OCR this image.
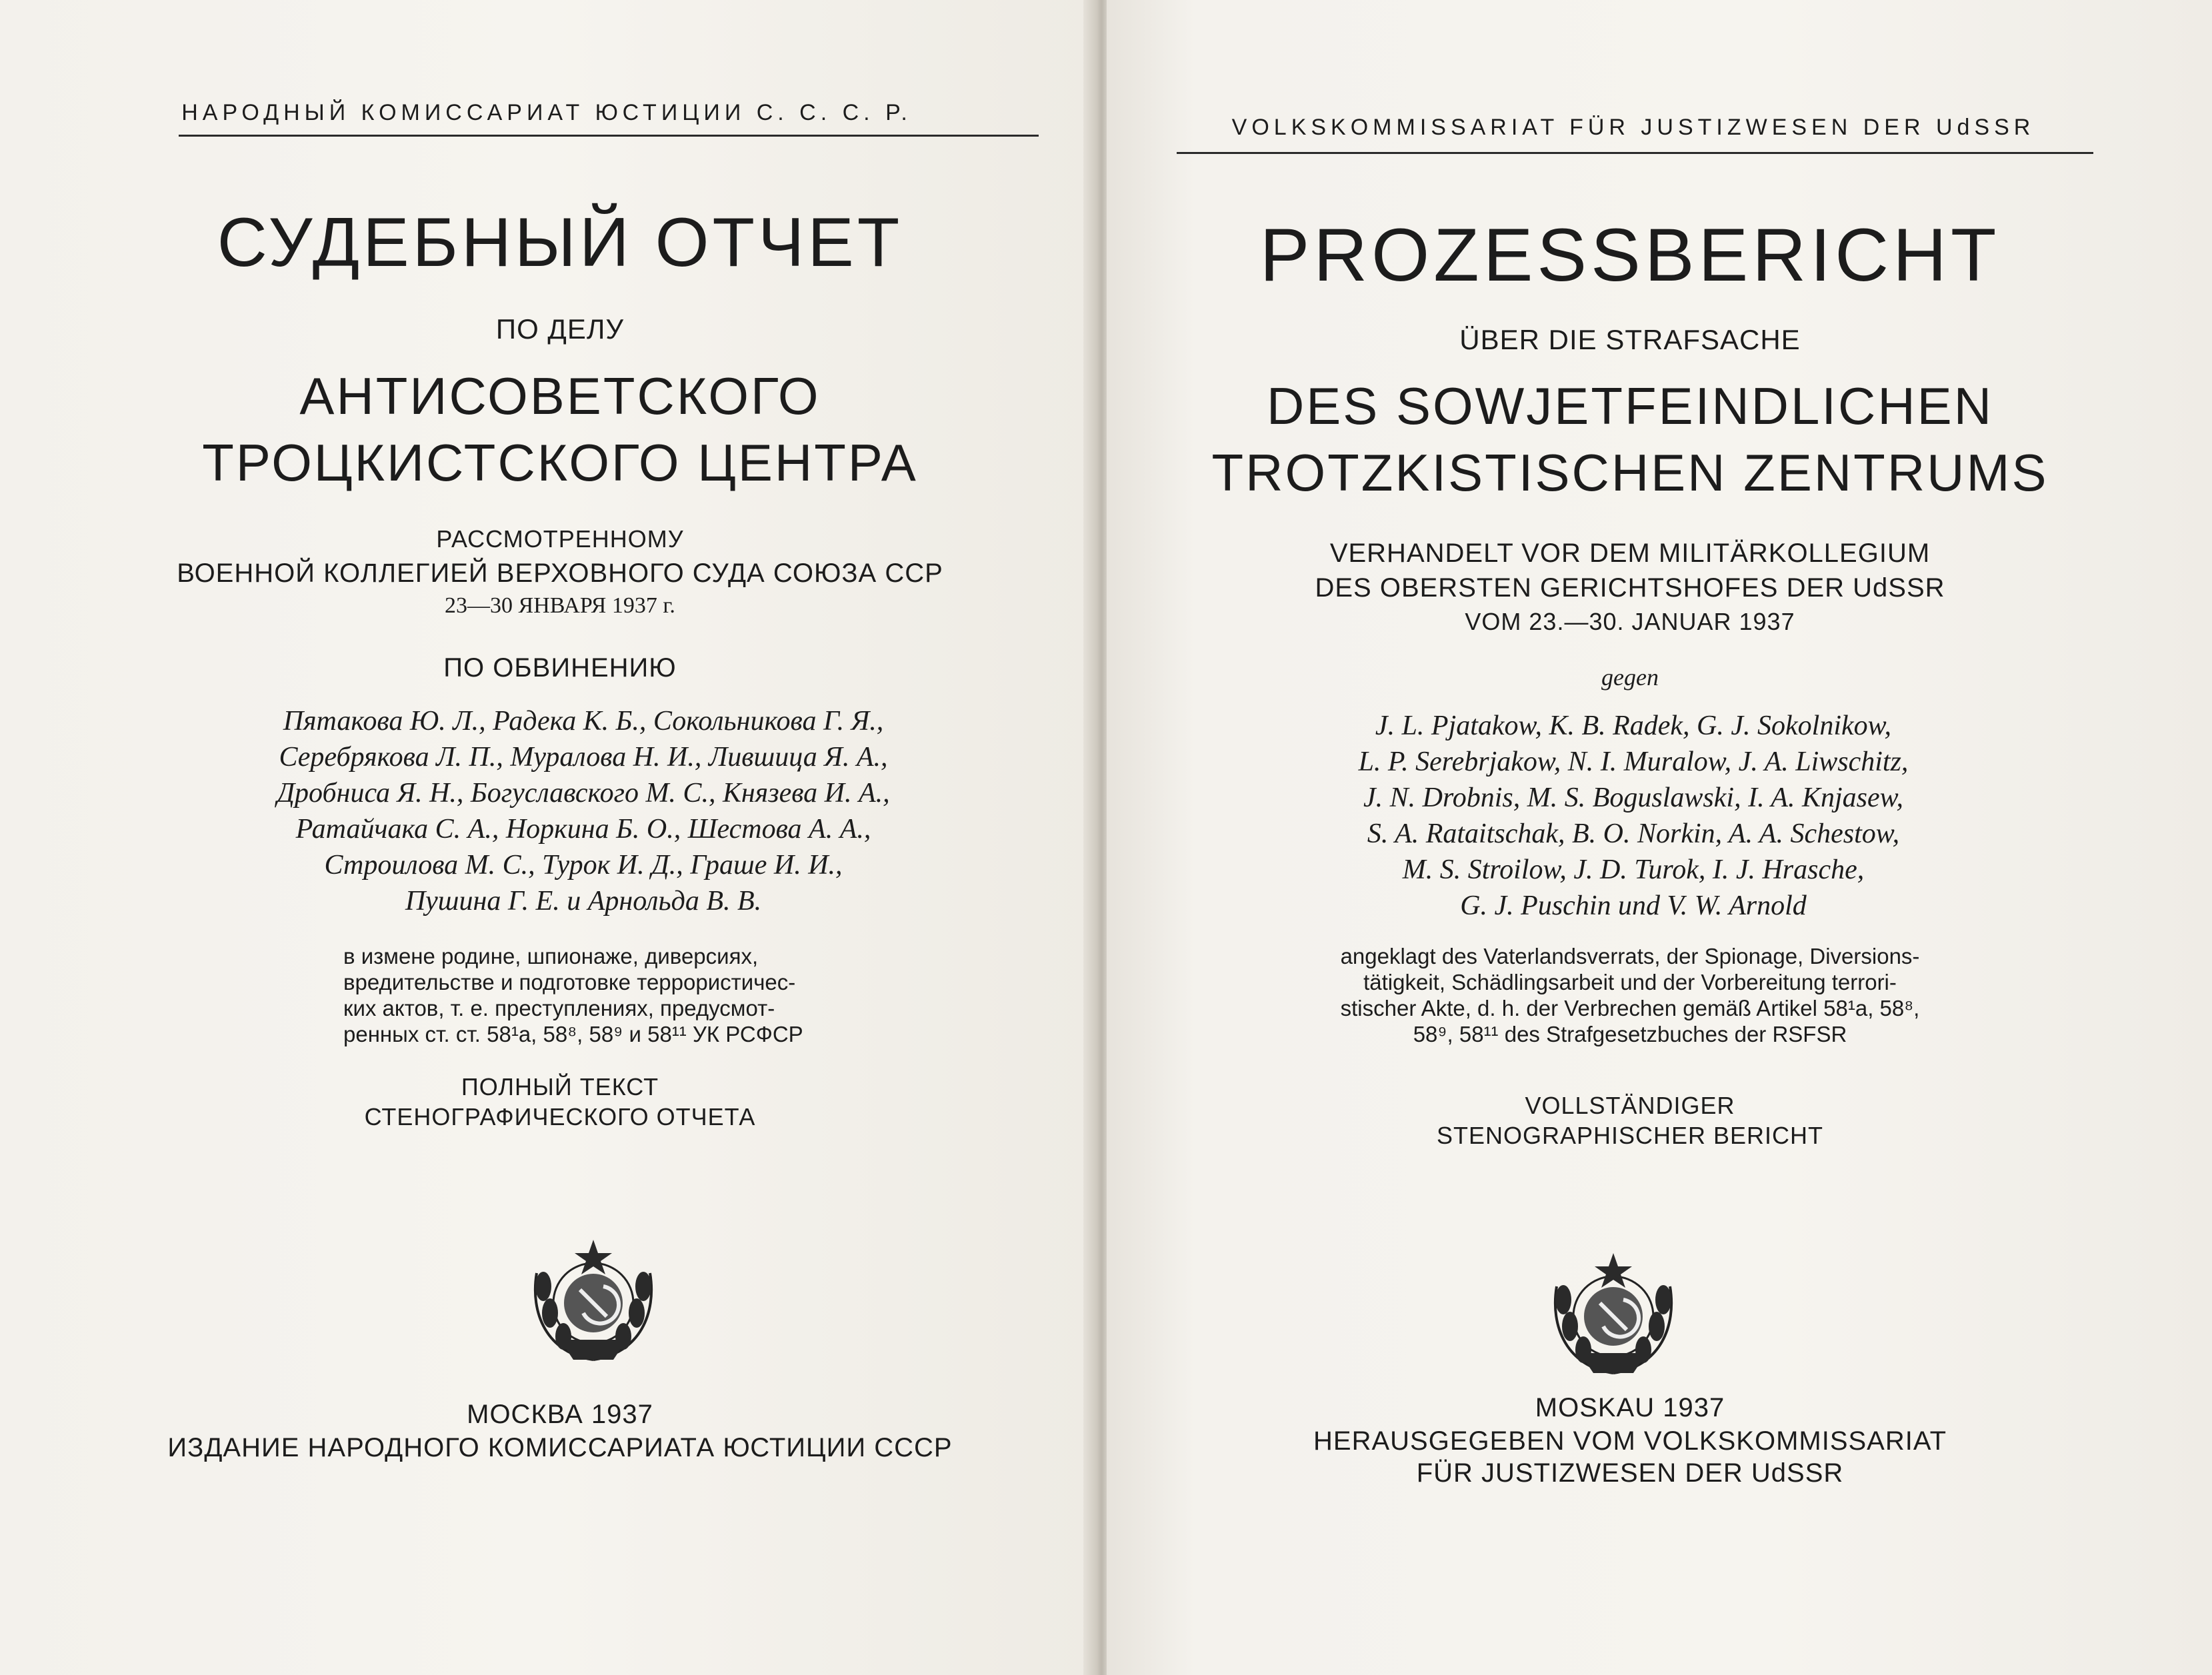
НАРОДНЫЙ КОМИССАРИАТ ЮСТИЦИИ С. С. С. Р.
СУДЕБНЫЙ ОТЧЕТ
ПО ДЕЛУ
АНТИСОВЕТСКОГО
ТРОЦКИСТСКОГО ЦЕНТРА
РАССМОТРЕННОМУ
ВОЕННОЙ КОЛЛЕГИЕЙ ВЕРХОВНОГО СУДА СОЮЗА ССР
23—30 ЯНВАРЯ 1937 г.
ПО ОБВИНЕНИЮ
Пятакова Ю. Л., Радека К. Б., Сокольникова Г. Я.,
Серебрякова Л. П., Муралова Н. И., Лившица Я. А.,
Дробниса Я. Н., Богуславского М. С., Князева И. А.,
Ратайчака С. А., Норкина Б. О., Шестова А. А.,
Строилова М. С., Турок И. Д., Граше И. И.,
Пушина Г. Е. и Арнольда В. В.
в измене родине, шпионаже, диверсиях,
вредительстве и подготовке террористичес-
ких актов, т. е. преступлениях, предусмот-
ренных ст. ст. 58¹а, 58⁸, 58⁹ и 58¹¹ УК РСФСР
ПОЛНЫЙ ТЕКСТ
СТЕНОГРАФИЧЕСКОГО ОТЧЕТА
МОСКВА 1937
ИЗДАНИЕ НАРОДНОГО КОМИССАРИАТА ЮСТИЦИИ СССР
VOLKSKOMMISSARIAT FÜR JUSTIZWESEN DER UdSSR
PROZESSBERICHT
ÜBER DIE STRAFSACHE
DES SOWJETFEINDLICHEN
TROTZKISTISCHEN ZENTRUMS
VERHANDELT VOR DEM MILITÄRKOLLEGIUM
DES OBERSTEN GERICHTSHOFES DER UdSSR
VOM 23.—30. JANUAR 1937
gegen
J. L. Pjatakow, K. B. Radek, G. J. Sokolnikow,
L. P. Serebrjakow, N. I. Muralow, J. A. Liwschitz,
J. N. Drobnis, M. S. Boguslawski, I. A. Knjasew,
S. A. Rataitschak, B. O. Norkin, A. A. Schestow,
M. S. Stroilow, J. D. Turok, I. J. Hrasche,
G. J. Puschin und V. W. Arnold
angeklagt des Vaterlandsverrats, der Spionage, Diversions-
tätigkeit, Schädlingsarbeit und der Vorbereitung terrori-
stischer Akte, d. h. der Verbrechen gemäß Artikel 58¹a, 58⁸,
58⁹, 58¹¹ des Strafgesetzbuches der RSFSR
VOLLSTÄNDIGER
STENOGRAPHISCHER BERICHT
MOSKAU 1937
HERAUSGEGEBEN VOM VOLKSKOMMISSARIAT
FÜR JUSTIZWESEN DER UdSSR
